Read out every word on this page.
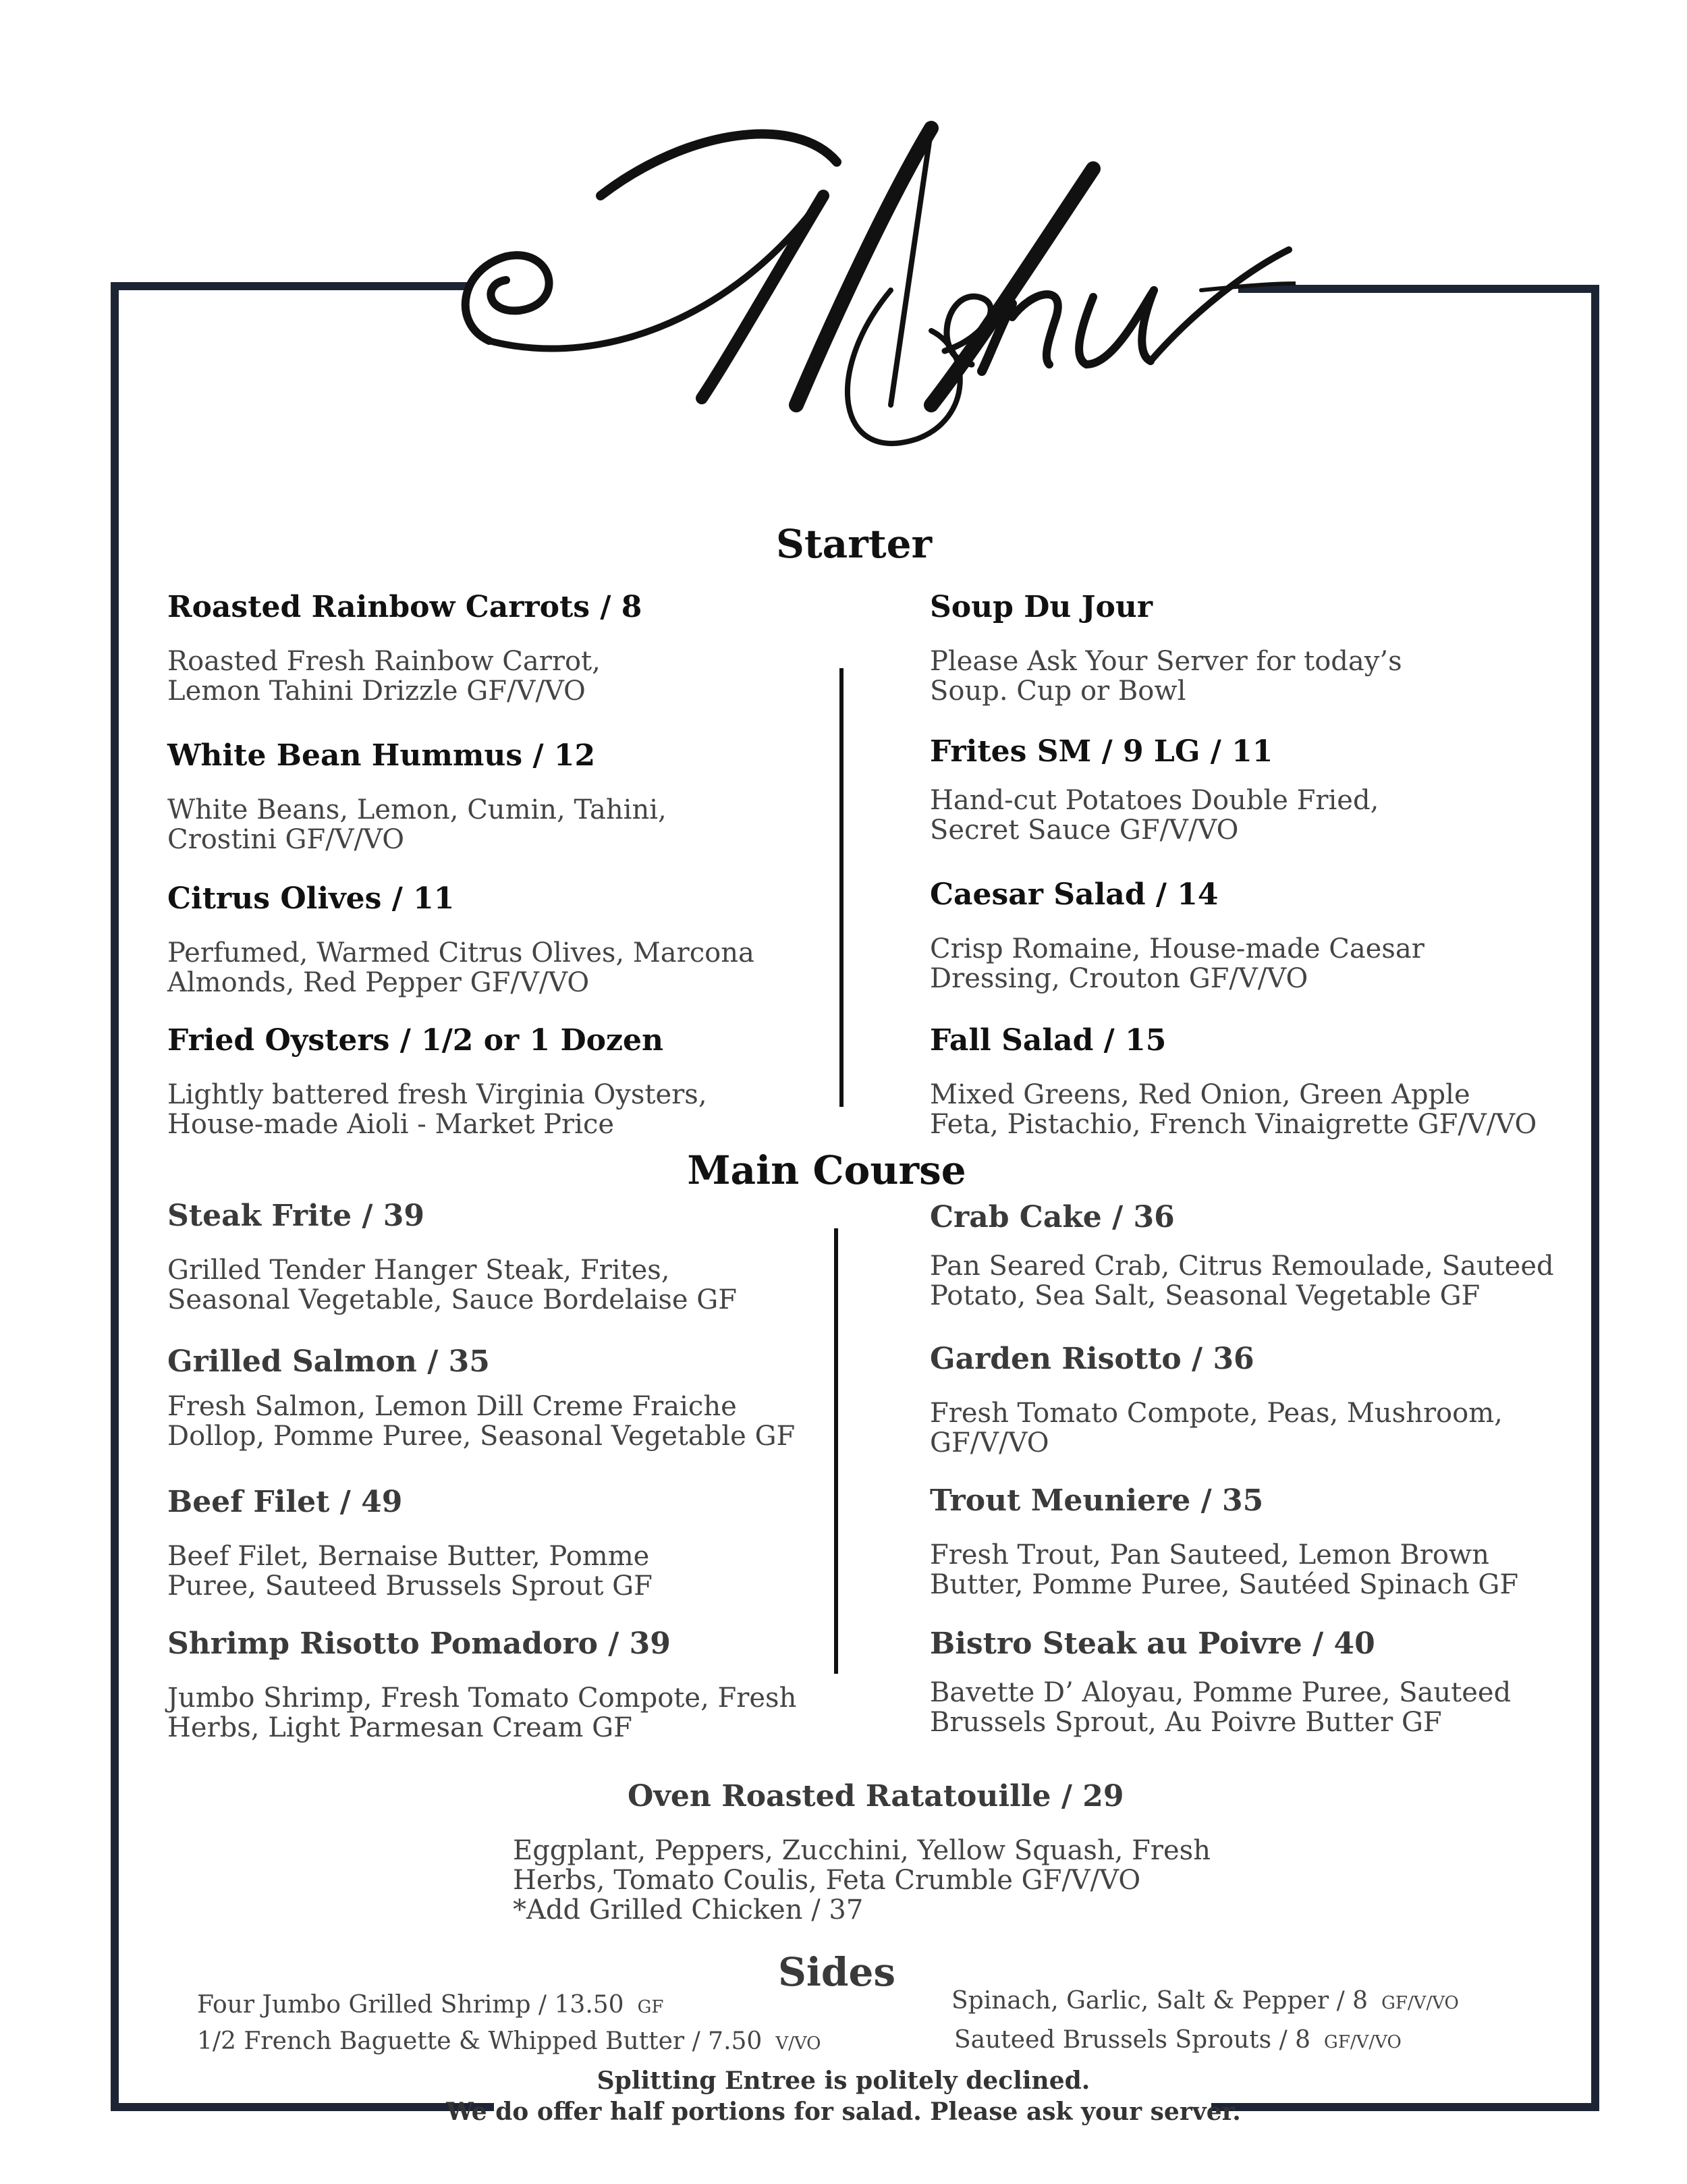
Starter
Roasted Rainbow Carrots / 8
Roasted Fresh Rainbow Carrot,
Lemon Tahini Drizzle GF/V/VO
White Bean Hummus / 12
White Beans, Lemon, Cumin, Tahini,
Crostini GF/V/VO
Citrus Olives / 11
Perfumed, Warmed Citrus Olives, Marcona
Almonds, Red Pepper GF/V/VO
Fried Oysters / 1/2 or 1 Dozen
Lightly battered fresh Virginia Oysters,
House-made Aioli - Market Price
Soup Du Jour
Please Ask Your Server for today’s
Soup. Cup or Bowl
Frites SM / 9 LG / 11
Hand-cut Potatoes Double Fried,
Secret Sauce GF/V/VO
Caesar Salad / 14
Crisp Romaine, House-made Caesar
Dressing, Crouton GF/V/VO
Fall Salad / 15
Mixed Greens, Red Onion, Green Apple
Feta, Pistachio, French Vinaigrette GF/V/VO
Main Course
Steak Frite / 39
Grilled Tender Hanger Steak, Frites,
Seasonal Vegetable, Sauce Bordelaise GF
Grilled Salmon / 35
Fresh Salmon, Lemon Dill Creme Fraiche
Dollop, Pomme Puree, Seasonal Vegetable GF
Beef Filet / 49
Beef Filet, Bernaise Butter, Pomme
Puree, Sauteed Brussels Sprout GF
Shrimp Risotto Pomadoro / 39
Jumbo Shrimp, Fresh Tomato Compote, Fresh
Herbs, Light Parmesan Cream GF
Crab Cake / 36
Pan Seared Crab, Citrus Remoulade, Sauteed
Potato, Sea Salt, Seasonal Vegetable GF
Garden Risotto / 36
Fresh Tomato Compote, Peas, Mushroom,
GF/V/VO
Trout Meuniere / 35
Fresh Trout, Pan Sauteed, Lemon Brown
Butter, Pomme Puree, Sautéed Spinach GF
Bistro Steak au Poivre / 40
Bavette D’ Aloyau, Pomme Puree, Sauteed
Brussels Sprout, Au Poivre Butter GF
Oven Roasted Ratatouille / 29
Eggplant, Peppers, Zucchini, Yellow Squash, Fresh
Herbs, Tomato Coulis, Feta Crumble GF/V/VO
*Add Grilled Chicken / 37
Sides
Four Jumbo Grilled Shrimp / 13.50 GF
1/2 French Baguette & Whipped Butter / 7.50 V/VO
Spinach, Garlic, Salt & Pepper / 8 GF/V/VO
Sauteed Brussels Sprouts / 8 GF/V/VO
Splitting Entree is politely declined.
We do offer half portions for salad. Please ask your server.
